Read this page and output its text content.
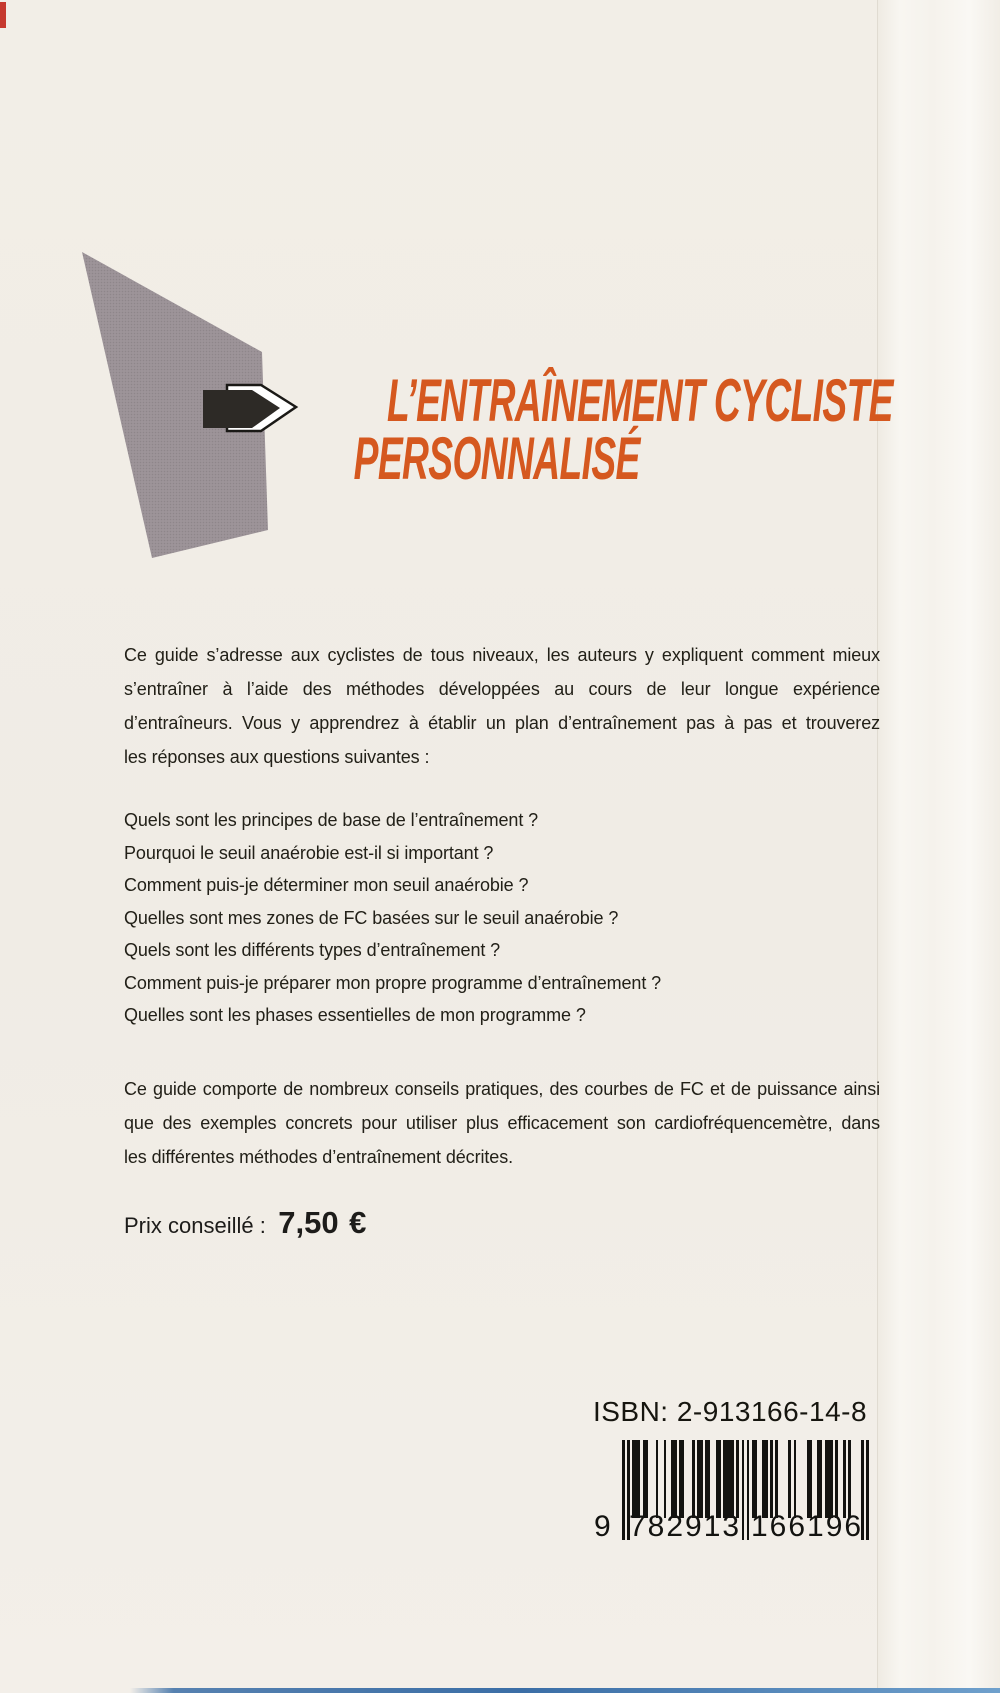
L’ENTRAÎNEMENT CYCLISTE
PERSONNALISÉ
Ce guide s’adresse aux cyclistes de tous niveaux, les auteurs y expliquent comment mieux
s’entraîner à l’aide des méthodes développées au cours de leur longue expérience
d’entraîneurs. Vous y apprendrez à établir un plan d’entraînement pas à pas et trouverez
les réponses aux questions suivantes :
Quels sont les principes de base de l’entraînement ?
Pourquoi le seuil anaérobie est-il si important ?
Comment puis-je déterminer mon seuil anaérobie ?
Quelles sont mes zones de FC basées sur le seuil anaérobie ?
Quels sont les différents types d’entraînement ?
Comment puis-je préparer mon propre programme d’entraînement ?
Quelles sont les phases essentielles de mon programme ?
Ce guide comporte de nombreux conseils pratiques, des courbes de FC et de puissance ainsi
que des exemples concrets pour utiliser plus efficacement son cardiofréquencemètre, dans
les différentes méthodes d’entraînement décrites.
Prix conseillé : 7,50 €
ISBN: 2-913166-14-8
9 782913 166196
